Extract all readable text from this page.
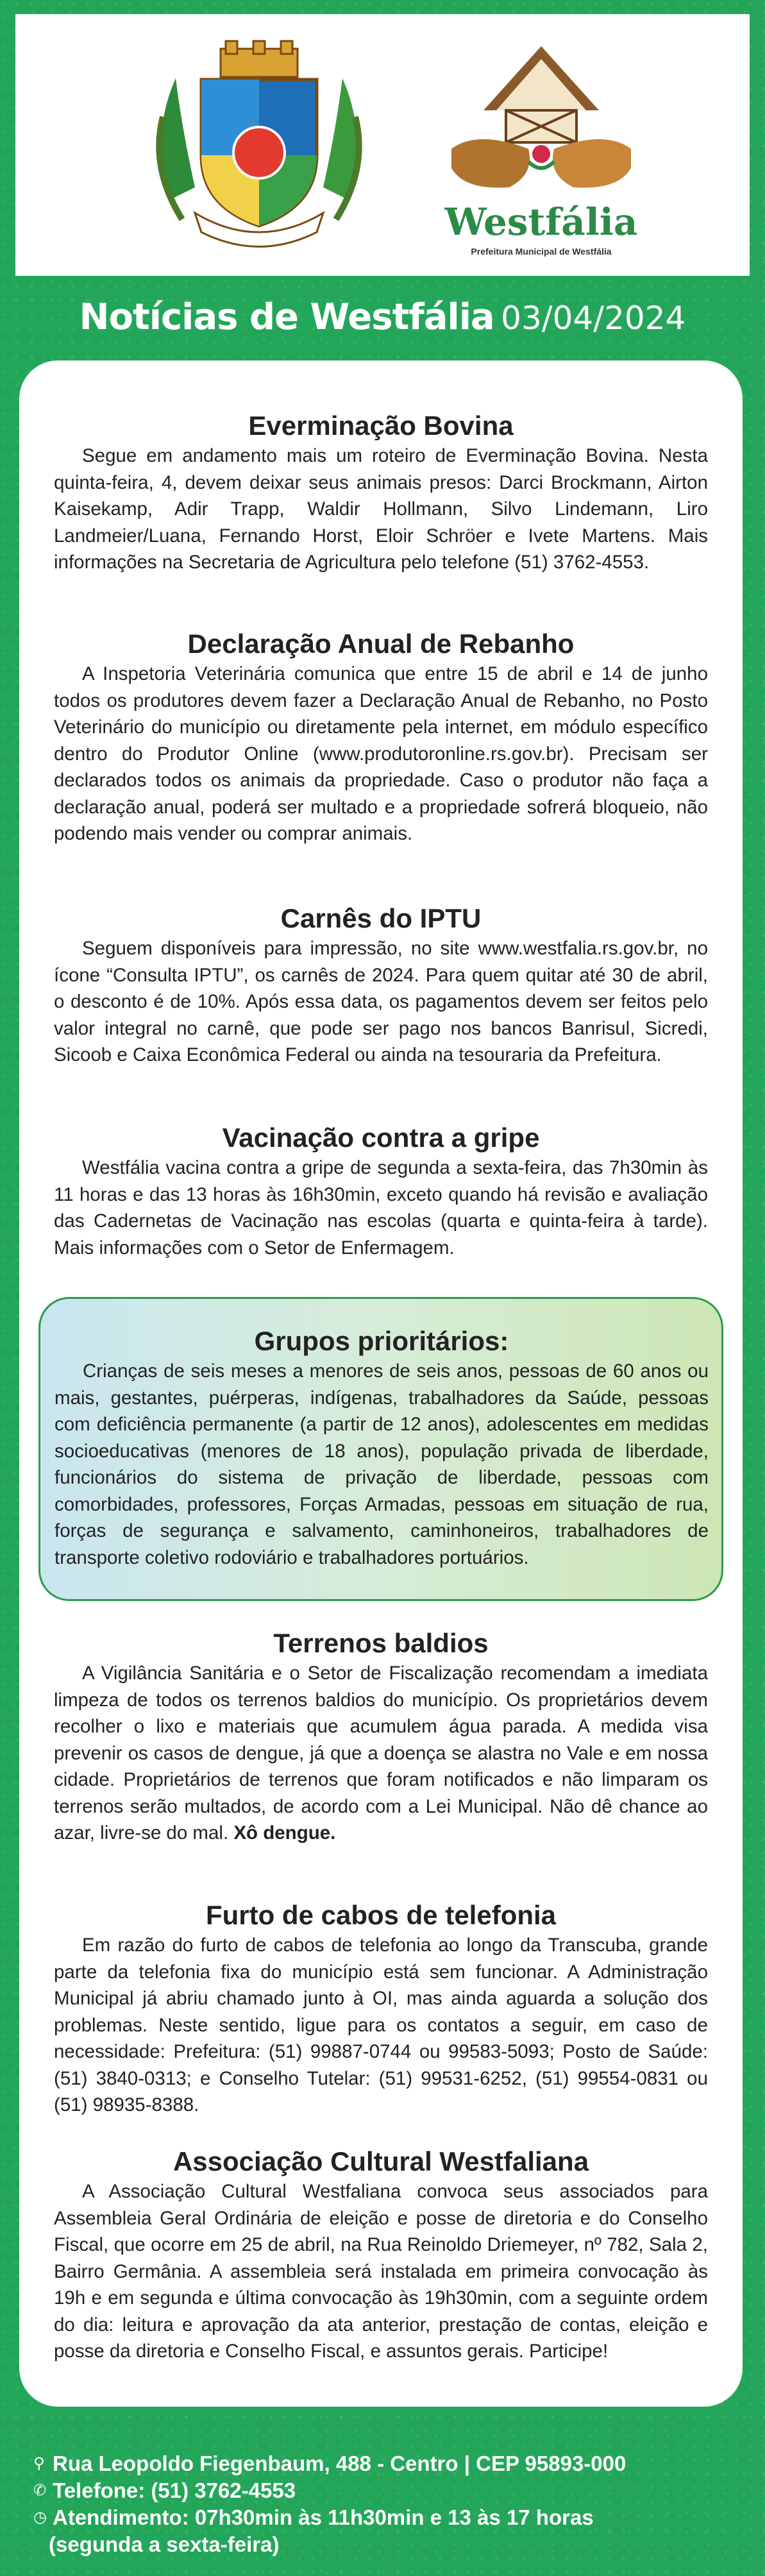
Westfália
Prefeitura Municipal de Westfália
Notícias de Westfália 03/04/2024
Everminação Bovina
Segue em andamento mais um roteiro de Everminação Bovina. Nesta quinta-feira, 4, devem deixar seus animais presos: Darci Brockmann, Airton Kaisekamp, Adir Trapp, Waldir Hollmann, Silvo Lindemann, Liro Landmeier/Luana, Fernando Horst, Eloir Schröer e Ivete Martens. Mais informações na Secretaria de Agricultura pelo telefone (51) 3762-4553.
Declaração Anual de Rebanho
A Inspetoria Veterinária comunica que entre 15 de abril e 14 de junho todos os produtores devem fazer a Declaração Anual de Rebanho, no Posto Veterinário do município ou diretamente pela internet, em módulo específico dentro do Produtor Online (www.produtoronline.rs.gov.br). Precisam ser declarados todos os animais da propriedade. Caso o produtor não faça a declaração anual, poderá ser multado e a propriedade sofrerá bloqueio, não podendo mais vender ou comprar animais.
Carnês do IPTU
Seguem disponíveis para impressão, no site www.westfalia.rs.gov.br, no ícone “Consulta IPTU”, os carnês de 2024. Para quem quitar até 30 de abril, o desconto é de 10%. Após essa data, os pagamentos devem ser feitos pelo valor integral no carnê, que pode ser pago nos bancos Banrisul, Sicredi, Sicoob e Caixa Econômica Federal ou ainda na tesouraria da Prefeitura.
Vacinação contra a gripe
Westfália vacina contra a gripe de segunda a sexta-feira, das 7h30min às 11 horas e das 13 horas às 16h30min, exceto quando há revisão e avaliação das Cadernetas de Vacinação nas escolas (quarta e quinta-feira à tarde). Mais informações com o Setor de Enfermagem.
Grupos prioritários:
Crianças de seis meses a menores de seis anos, pessoas de 60 anos ou mais, gestantes, puérperas, indígenas, trabalhadores da Saúde, pessoas com deficiência permanente (a partir de 12 anos), adolescentes em medidas socioeducativas (menores de 18 anos), população privada de liberdade, funcionários do sistema de privação de liberdade, pessoas com comorbidades, professores, Forças Armadas, pessoas em situação de rua, forças de segurança e salvamento, caminhoneiros, trabalhadores de transporte coletivo rodoviário e trabalhadores portuários.
Terrenos baldios
A Vigilância Sanitária e o Setor de Fiscalização recomendam a imediata limpeza de todos os terrenos baldios do município. Os proprietários devem recolher o lixo e materiais que acumulem água parada. A medida visa prevenir os casos de dengue, já que a doença se alastra no Vale e em nossa cidade. Proprietários de terrenos que foram notificados e não limparam os terrenos serão multados, de acordo com a Lei Municipal. Não dê chance ao azar, livre-se do mal. Xô dengue.
Furto de cabos de telefonia
Em razão do furto de cabos de telefonia ao longo da Transcuba, grande parte da telefonia fixa do município está sem funcionar. A Administração Municipal já abriu chamado junto à OI, mas ainda aguarda a solução dos problemas. Neste sentido, ligue para os contatos a seguir, em caso de necessidade: Prefeitura: (51) 99887-0744 ou 99583-5093; Posto de Saúde: (51) 3840-0313; e Conselho Tutelar: (51) 99531-6252, (51) 99554-0831 ou (51) 98935-8388.
Associação Cultural Westfaliana
A Associação Cultural Westfaliana convoca seus associados para Assembleia Geral Ordinária de eleição e posse de diretoria e do Conselho Fiscal, que ocorre em 25 de abril, na Rua Reinoldo Driemeyer, nº 782, Sala 2, Bairro Germânia. A assembleia será instalada em primeira convocação às 19h e em segunda e última convocação às 19h30min, com a seguinte ordem do dia: leitura e aprovação da ata anterior, prestação de contas, eleição e posse da diretoria e Conselho Fiscal, e assuntos gerais. Participe!
⚲ Rua Leopoldo Fiegenbaum, 488 - Centro | CEP 95893-000
✆ Telefone: (51) 3762-4553
◷ Atendimento: 07h30min às 11h30min e 13 às 17 horas
(segunda a sexta-feira)
